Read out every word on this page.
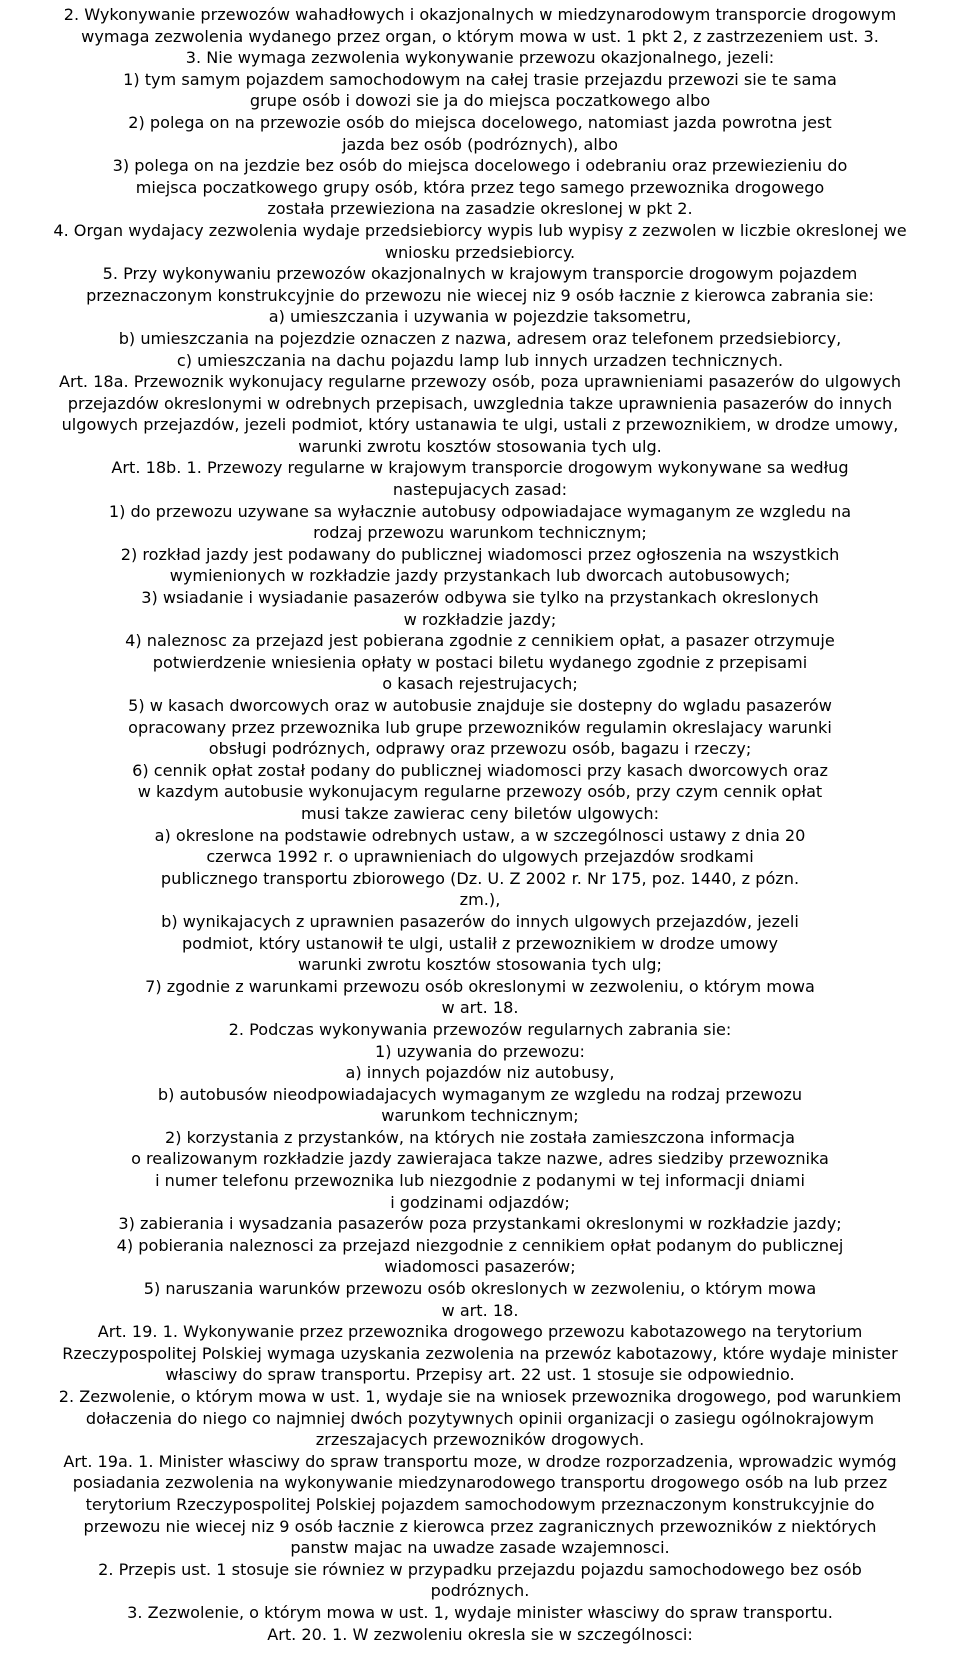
2. Wykonywanie przewozów wahadłowych i okazjonalnych w miedzynarodowym transporcie drogowym

wymaga zezwolenia wydanego przez organ, o którym mowa w ust. 1 pkt 2, z zastrzezeniem ust. 3.

3. Nie wymaga zezwolenia wykonywanie przewozu okazjonalnego, jezeli:

1) tym samym pojazdem samochodowym na całej trasie przejazdu przewozi sie te sama

grupe osób i dowozi sie ja do miejsca poczatkowego albo

2) polega on na przewozie osób do miejsca docelowego, natomiast jazda powrotna jest

jazda bez osób (podróznych), albo

3) polega on na jezdzie bez osób do miejsca docelowego i odebraniu oraz przewiezieniu do

miejsca poczatkowego grupy osób, która przez tego samego przewoznika drogowego

została przewieziona na zasadzie okreslonej w pkt 2.

4. Organ wydajacy zezwolenia wydaje przedsiebiorcy wypis lub wypisy z zezwolen w liczbie okreslonej we

wniosku przedsiebiorcy.

5. Przy wykonywaniu przewozów okazjonalnych w krajowym transporcie drogowym pojazdem

przeznaczonym konstrukcyjnie do przewozu nie wiecej niz 9 osób łacznie z kierowca zabrania sie:

a) umieszczania i uzywania w pojezdzie taksometru,

b) umieszczania na pojezdzie oznaczen z nazwa, adresem oraz telefonem przedsiebiorcy,

c) umieszczania na dachu pojazdu lamp lub innych urzadzen technicznych.

Art. 18a. Przewoznik wykonujacy regularne przewozy osób, poza uprawnieniami pasazerów do ulgowych

przejazdów okreslonymi w odrebnych przepisach, uwzglednia takze uprawnienia pasazerów do innych

ulgowych przejazdów, jezeli podmiot, który ustanawia te ulgi, ustali z przewoznikiem, w drodze umowy,

warunki zwrotu kosztów stosowania tych ulg.

Art. 18b. 1. Przewozy regularne w krajowym transporcie drogowym wykonywane sa według

nastepujacych zasad:

1) do przewozu uzywane sa wyłacznie autobusy odpowiadajace wymaganym ze wzgledu na

rodzaj przewozu warunkom technicznym;

2) rozkład jazdy jest podawany do publicznej wiadomosci przez ogłoszenia na wszystkich

wymienionych w rozkładzie jazdy przystankach lub dworcach autobusowych;

3) wsiadanie i wysiadanie pasazerów odbywa sie tylko na przystankach okreslonych

w rozkładzie jazdy;

4) naleznosc za przejazd jest pobierana zgodnie z cennikiem opłat, a pasazer otrzymuje

potwierdzenie wniesienia opłaty w postaci biletu wydanego zgodnie z przepisami

o kasach rejestrujacych;

5) w kasach dworcowych oraz w autobusie znajduje sie dostepny do wgladu pasazerów

opracowany przez przewoznika lub grupe przewozników regulamin okreslajacy warunki

obsługi podróznych, odprawy oraz przewozu osób, bagazu i rzeczy;

6) cennik opłat został podany do publicznej wiadomosci przy kasach dworcowych oraz

w kazdym autobusie wykonujacym regularne przewozy osób, przy czym cennik opłat

musi takze zawierac ceny biletów ulgowych:

a) okreslone na podstawie odrebnych ustaw, a w szczególnosci ustawy z dnia 20

czerwca 1992 r. o uprawnieniach do ulgowych przejazdów srodkami

publicznego transportu zbiorowego (Dz. U. Z 2002 r. Nr 175, poz. 1440, z pózn.

zm.),

b) wynikajacych z uprawnien pasazerów do innych ulgowych przejazdów, jezeli

podmiot, który ustanowił te ulgi, ustalił z przewoznikiem w drodze umowy

warunki zwrotu kosztów stosowania tych ulg;

7) zgodnie z warunkami przewozu osób okreslonymi w zezwoleniu, o którym mowa

w art. 18.

2. Podczas wykonywania przewozów regularnych zabrania sie:

1) uzywania do przewozu:

a) innych pojazdów niz autobusy,

b) autobusów nieodpowiadajacych wymaganym ze wzgledu na rodzaj przewozu

warunkom technicznym;

2) korzystania z przystanków, na których nie została zamieszczona informacja

o realizowanym rozkładzie jazdy zawierajaca takze nazwe, adres siedziby przewoznika

i numer telefonu przewoznika lub niezgodnie z podanymi w tej informacji dniami

i godzinami odjazdów;

3) zabierania i wysadzania pasazerów poza przystankami okreslonymi w rozkładzie jazdy;

4) pobierania naleznosci za przejazd niezgodnie z cennikiem opłat podanym do publicznej

wiadomosci pasazerów;

5) naruszania warunków przewozu osób okreslonych w zezwoleniu, o którym mowa

w art. 18.

Art. 19. 1. Wykonywanie przez przewoznika drogowego przewozu kabotazowego na terytorium

Rzeczypospolitej Polskiej wymaga uzyskania zezwolenia na przewóz kabotazowy, które wydaje minister

własciwy do spraw transportu. Przepisy art. 22 ust. 1 stosuje sie odpowiednio.

2. Zezwolenie, o którym mowa w ust. 1, wydaje sie na wniosek przewoznika drogowego, pod warunkiem

dołaczenia do niego co najmniej dwóch pozytywnych opinii organizacji o zasiegu ogólnokrajowym

zrzeszajacych przewozników drogowych.

Art. 19a. 1. Minister własciwy do spraw transportu moze, w drodze rozporzadzenia, wprowadzic wymóg

posiadania zezwolenia na wykonywanie miedzynarodowego transportu drogowego osób na lub przez

terytorium Rzeczypospolitej Polskiej pojazdem samochodowym przeznaczonym konstrukcyjnie do

przewozu nie wiecej niz 9 osób łacznie z kierowca przez zagranicznych przewozników z niektórych

panstw majac na uwadze zasade wzajemnosci.

2. Przepis ust. 1 stosuje sie równiez w przypadku przejazdu pojazdu samochodowego bez osób

podróznych.

3. Zezwolenie, o którym mowa w ust. 1, wydaje minister własciwy do spraw transportu.

Art. 20. 1. W zezwoleniu okresla sie w szczególnosci:
